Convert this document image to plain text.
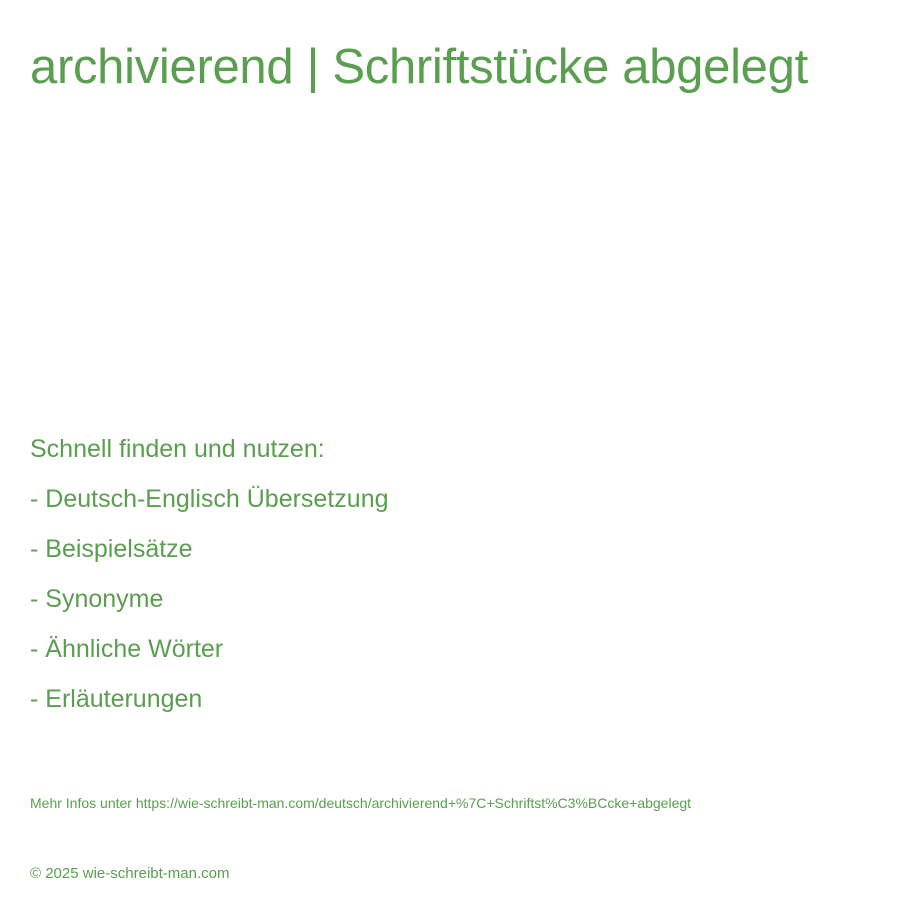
archivierend | Schriftstücke abgelegt
Schnell finden und nutzen:
- Deutsch-Englisch Übersetzung
- Beispielsätze
- Synonyme
- Ähnliche Wörter
- Erläuterungen
Mehr Infos unter https://wie-schreibt-man.com/deutsch/archivierend+%7C+Schriftst%C3%BCcke+abgelegt
© 2025 wie-schreibt-man.com
